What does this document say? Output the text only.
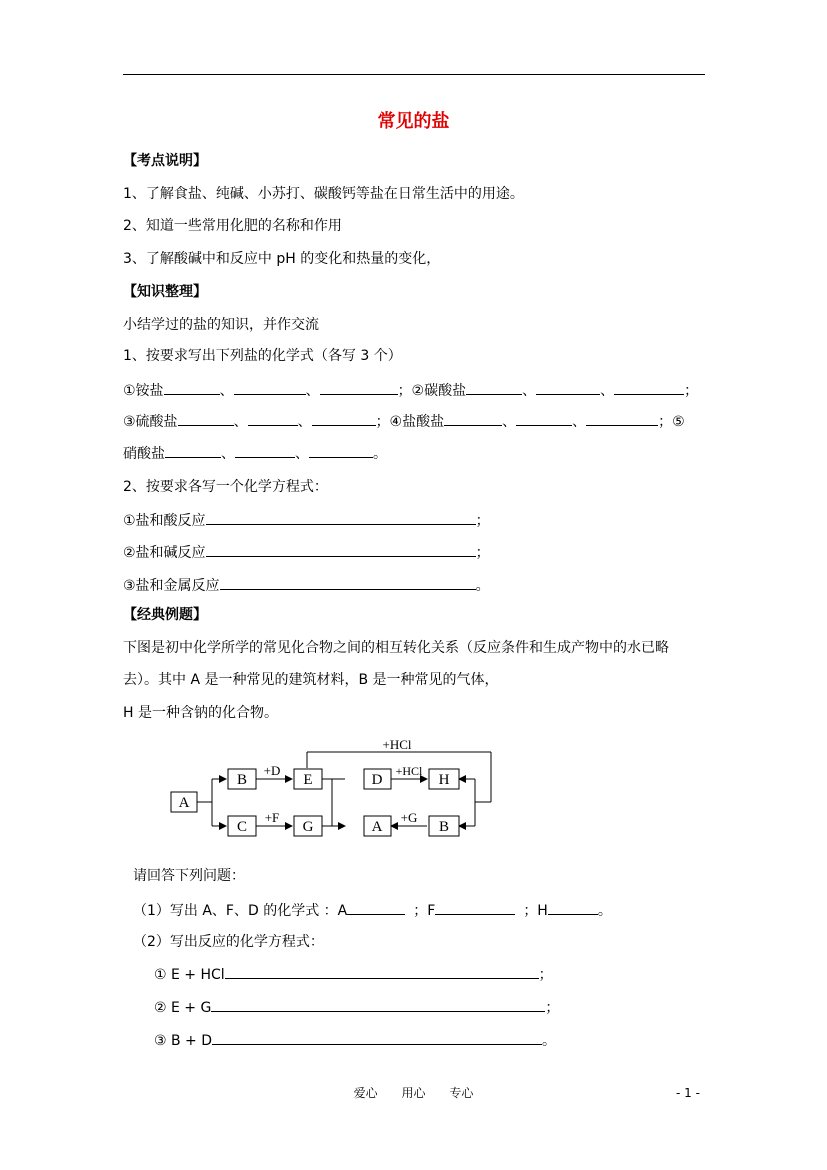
常见的盐
【考点说明】
1、了解食盐、纯碱、小苏打、碳酸钙等盐在日常生活中的用途。
2、知道一些常用化肥的名称和作用
3、了解酸碱中和反应中 pH 的变化和热量的变化，
【知识整理】
小结学过的盐的知识，并作交流
1、按要求写出下列盐的化学式（各写 3 个）
①铵盐	、	、	；②碳酸盐	、	、	；
③硫酸盐	、	、	；④盐酸盐	、	、	；⑤
硝酸盐	、	、	。
2、按要求各写一个化学方程式：
①盐和酸反应	；
②盐和碱反应	；
③盐和金属反应	。
【经典例题】
下图是初中化学所学的常见化合物之间的相互转化关系（反应条件和生成产物中的水已略
去）。其中 A 是一种常见的建筑材料，B 是一种常见的气体，
H 是一种含钠的化合物。
A
B
C
E
G
D	H
A	B
+D
+F
+HCl
+HCl
+G
请回答下列问题：
（1）写出 A、F、D 的化学式 ：A	；F	；H	。
（2）写出反应的化学方程式：
① E + HCl	；
② E + G	；
③ B + D	。
爱心 用心 专心	- 1 -
